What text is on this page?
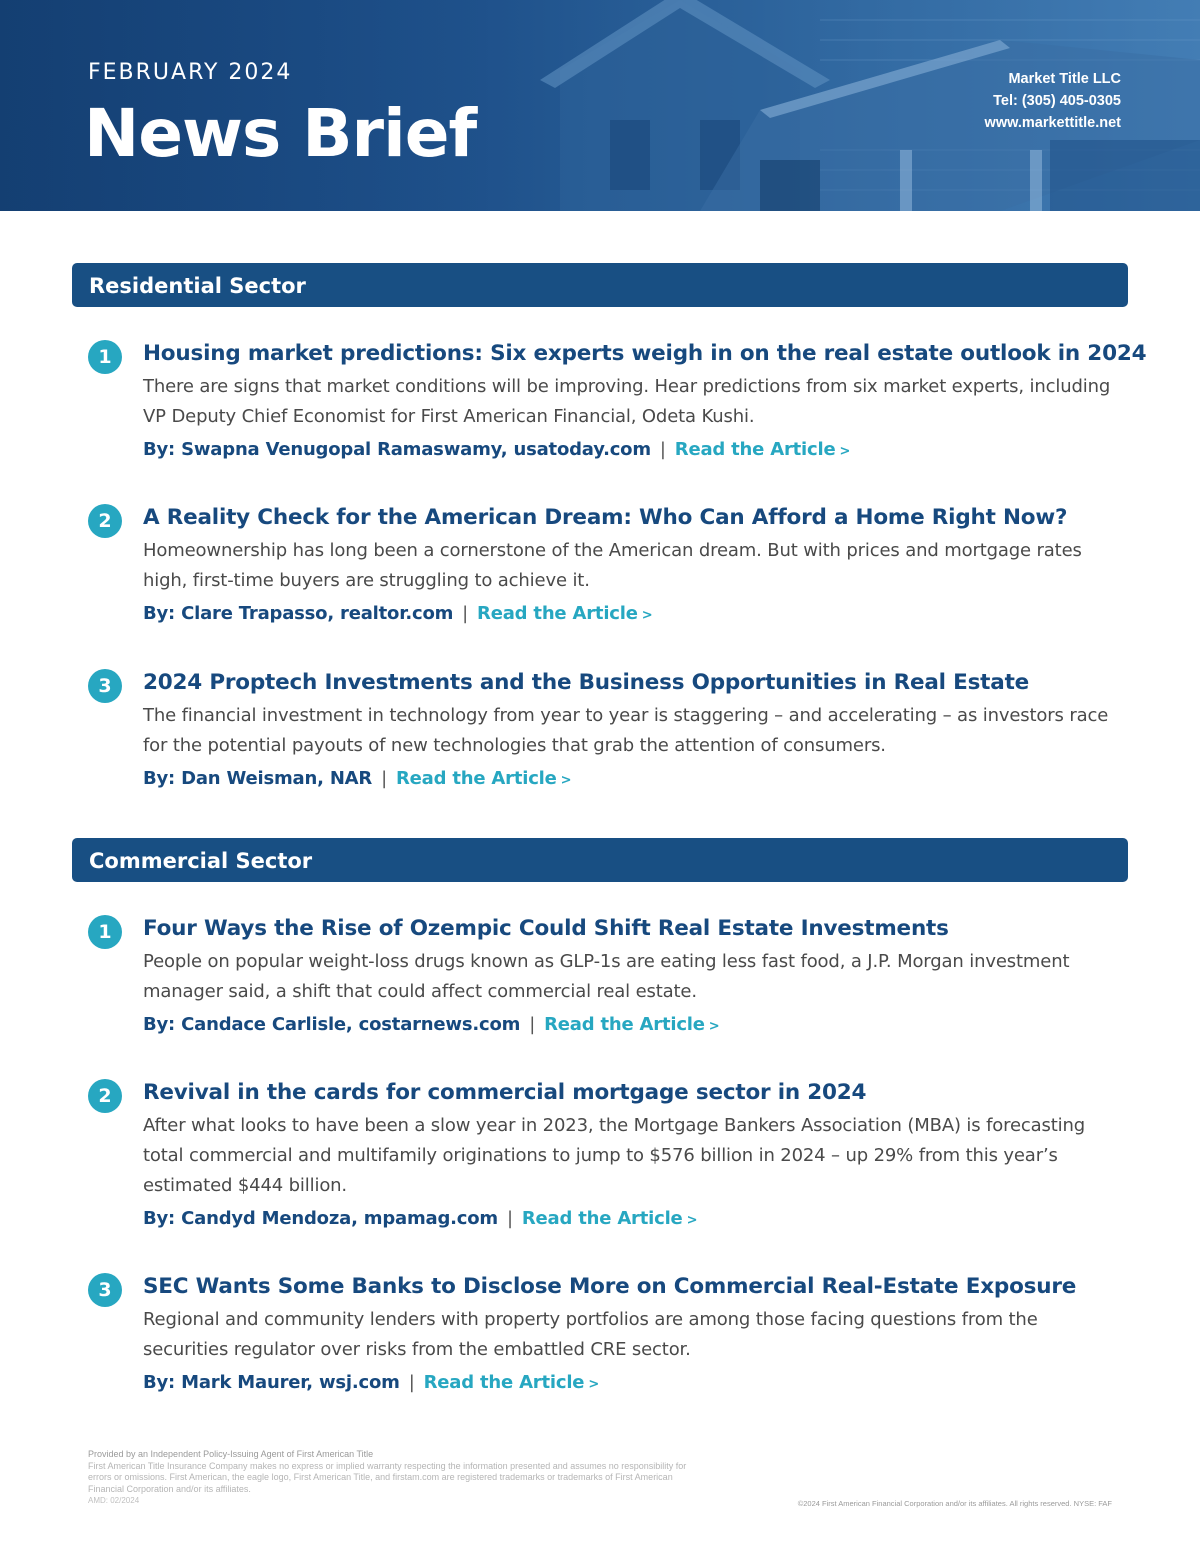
FEBRUARY 2024
News Brief
Market Title LLC
Tel: (305) 405-0305
www.markettitle.net
Residential Sector
1	Housing market predictions: Six experts weigh in on the real estate outlook in 2024
There are signs that market conditions will be improving. Hear predictions from six market experts, including VP Deputy Chief Economist for First American Financial, Odeta Kushi.
By: Swapna Venugopal Ramaswamy, usatoday.com | Read the Article >
2	A Reality Check for the American Dream: Who Can Afford a Home Right Now?
Homeownership has long been a cornerstone of the American dream. But with prices and mortgage rates high, first-time buyers are struggling to achieve it.
By: Clare Trapasso, realtor.com | Read the Article >
3	2024 Proptech Investments and the Business Opportunities in Real Estate
The financial investment in technology from year to year is staggering – and accelerating – as investors race for the potential payouts of new technologies that grab the attention of consumers.
By: Dan Weisman, NAR | Read the Article >
Commercial Sector
1	Four Ways the Rise of Ozempic Could Shift Real Estate Investments
People on popular weight-loss drugs known as GLP-1s are eating less fast food, a J.P. Morgan investment manager said, a shift that could affect commercial real estate.
By: Candace Carlisle, costarnews.com | Read the Article >
2	Revival in the cards for commercial mortgage sector in 2024
After what looks to have been a slow year in 2023, the Mortgage Bankers Association (MBA) is forecasting total commercial and multifamily originations to jump to $576 billion in 2024 – up 29% from this year’s estimated $444 billion.
By: Candyd Mendoza, mpamag.com | Read the Article >
3	SEC Wants Some Banks to Disclose More on Commercial Real-Estate Exposure
Regional and community lenders with property portfolios are among those facing questions from the securities regulator over risks from the embattled CRE sector.
By: Mark Maurer, wsj.com | Read the Article >
Provided by an Independent Policy-Issuing Agent of First American Title
First American Title Insurance Company makes no express or implied warranty respecting the information presented and assumes no responsibility for errors or omissions. First American, the eagle logo, First American Title, and firstam.com are registered trademarks or trademarks of First American Financial Corporation and/or its affiliates.
AMD: 02/2024	©2024 First American Financial Corporation and/or its affiliates. All rights reserved. NYSE: FAF
